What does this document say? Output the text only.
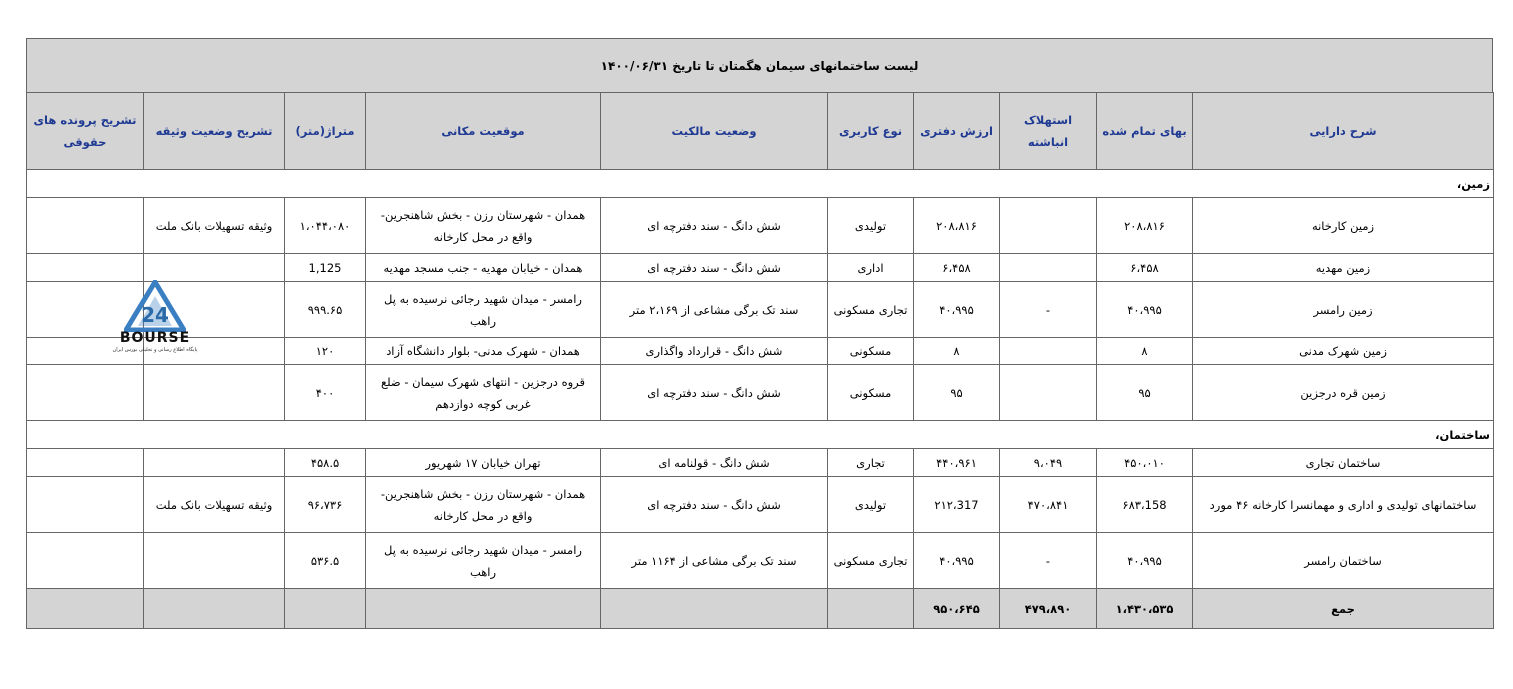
لیست ساختمانهای سیمان هگمتان تا تاریخ ۱۴۰۰/۰۶/۳۱
شرح دارایی	بهای تمام شده	استهلاک انباشته	ارزش دفتری	نوع کاربری	وضعیت مالکیت	موقعیت مکانی	متراژ(متر)	تشریح وضعیت وثیقه	تشریح پرونده های حقوقی
زمین،									
زمین کارخانه	۲۰۸،۸۱۶		۲۰۸،۸۱۶	تولیدی	شش دانگ - سند دفترچه ای	همدان - شهرستان رزن - بخش شاهنجرین- واقع در محل کارخانه	۱،۰۴۴،۰۸۰	وثیقه تسهیلات بانک ملت	
زمین مهدیه	۶،۴۵۸		۶،۴۵۸	اداری	شش دانگ - سند دفترچه ای	همدان - خیابان مهدیه - جنب مسجد مهدیه	1,125		
زمین رامسر	۴۰،۹۹۵	-	۴۰،۹۹۵	تجاری مسکونی	سند تک برگی مشاعی از ۲،۱۶۹ متر	رامسر - میدان شهید رجائی نرسیده به پل راهب	۹۹۹.۶۵		
زمین شهرک مدنی	۸		۸	مسکونی	شش دانگ - قرارداد واگذاری	همدان - شهرک مدنی- بلوار دانشگاه آزاد	۱۲۰		
زمین قره درجزین	۹۵		۹۵	مسکونی	شش دانگ - سند دفترچه ای	قروه درجزین - انتهای شهرک سیمان - ضلع غربی کوچه دوازدهم	۴۰۰		
ساختمان،									
ساختمان تجاری	۴۵۰،۰۱۰	۹،۰۴۹	۴۴۰،۹۶۱	تجاری	شش دانگ - قولنامه ای	تهران خیابان ۱۷ شهریور	۴۵۸.۵		
ساختمانهای تولیدی و اداری و مهمانسرا کارخانه ۴۶ مورد	۶۸۳،158	۴۷۰،۸۴۱	۲۱۲،317	تولیدی	شش دانگ - سند دفترچه ای	همدان - شهرستان رزن - بخش شاهنجرین- واقع در محل کارخانه	۹۶،۷۳۶	وثیقه تسهیلات بانک ملت	
ساختمان رامسر	۴۰،۹۹۵	-	۴۰،۹۹۵	تجاری مسکونی	سند تک برگی مشاعی از ۱۱۶۴ متر	رامسر - میدان شهید رجائی نرسیده به پل راهب	۵۳۶.۵		
جمع	۱،۴۳۰،۵۳۵	۴۷۹،۸۹۰	۹۵۰،۶۴۵						
24
BOURSE
پایگاه اطلاع رسانی و تحلیلی بورس ایران
